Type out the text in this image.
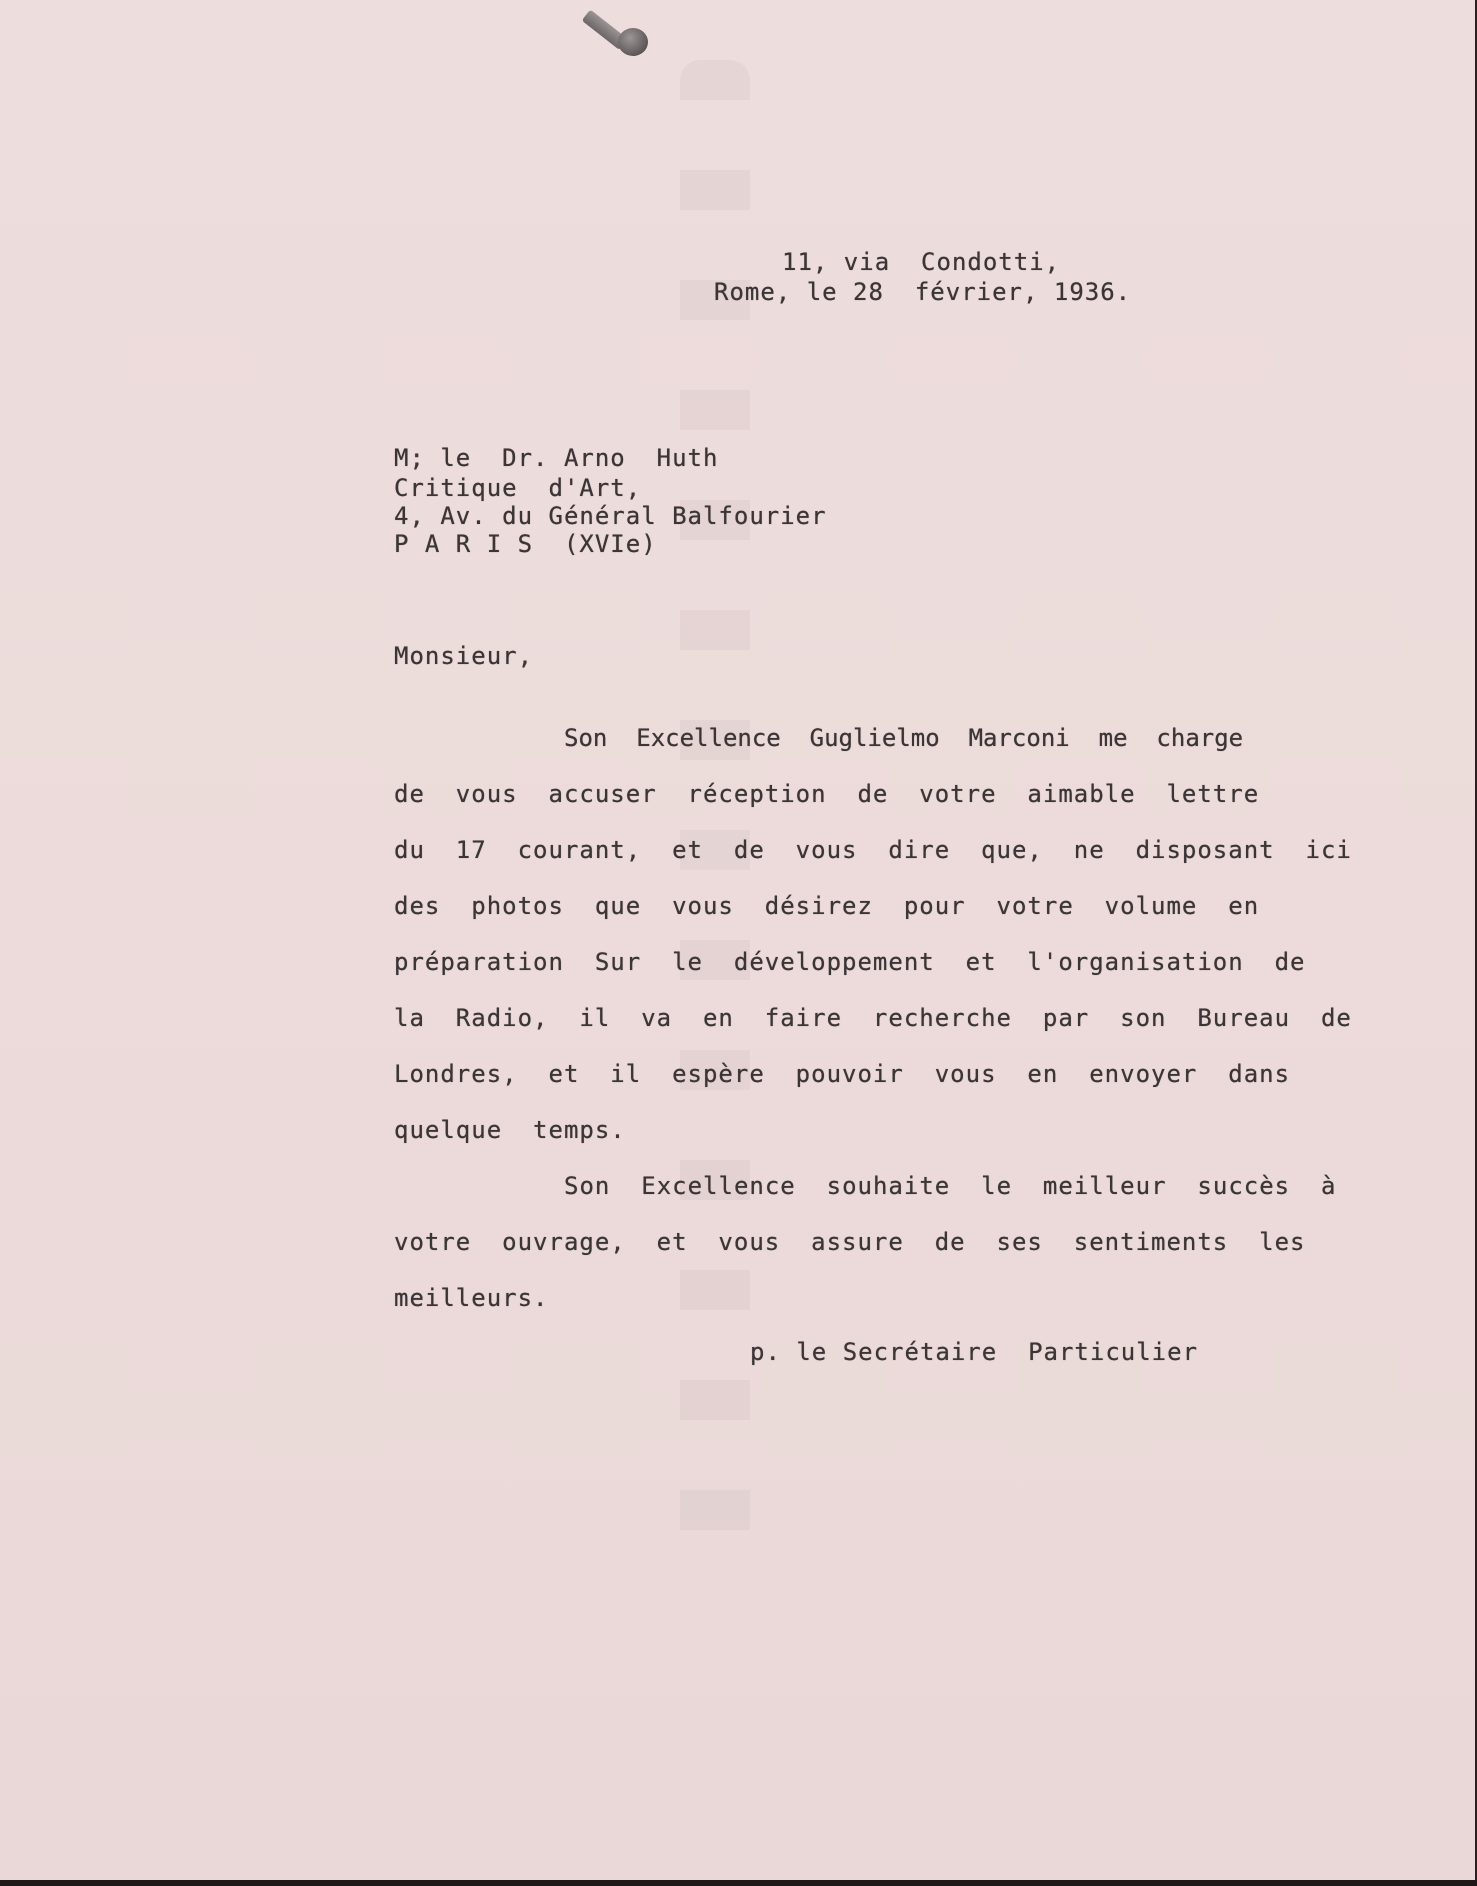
11, via  Condotti,

Rome, le 28  février, 1936.

M; le  Dr. Arno  Huth

Critique  d'Art,

4, Av. du Général Balfourier

P A R I S  (XVIe)

Monsieur,

Son  Excellence  Guglielmo  Marconi  me  charge

de  vous  accuser  réception  de  votre  aimable  lettre

du  17  courant,  et  de  vous  dire  que,  ne  disposant  ici

des  photos  que  vous  désirez  pour  votre  volume  en

préparation  Sur  le  développement  et  l'organisation  de

la  Radio,  il  va  en  faire  recherche  par  son  Bureau  de

Londres,  et  il  espère  pouvoir  vous  en  envoyer  dans

quelque  temps.

Son  Excellence  souhaite  le  meilleur  succès  à

votre  ouvrage,  et  vous  assure  de  ses  sentiments  les

meilleurs.

p. le Secrétaire  Particulier
